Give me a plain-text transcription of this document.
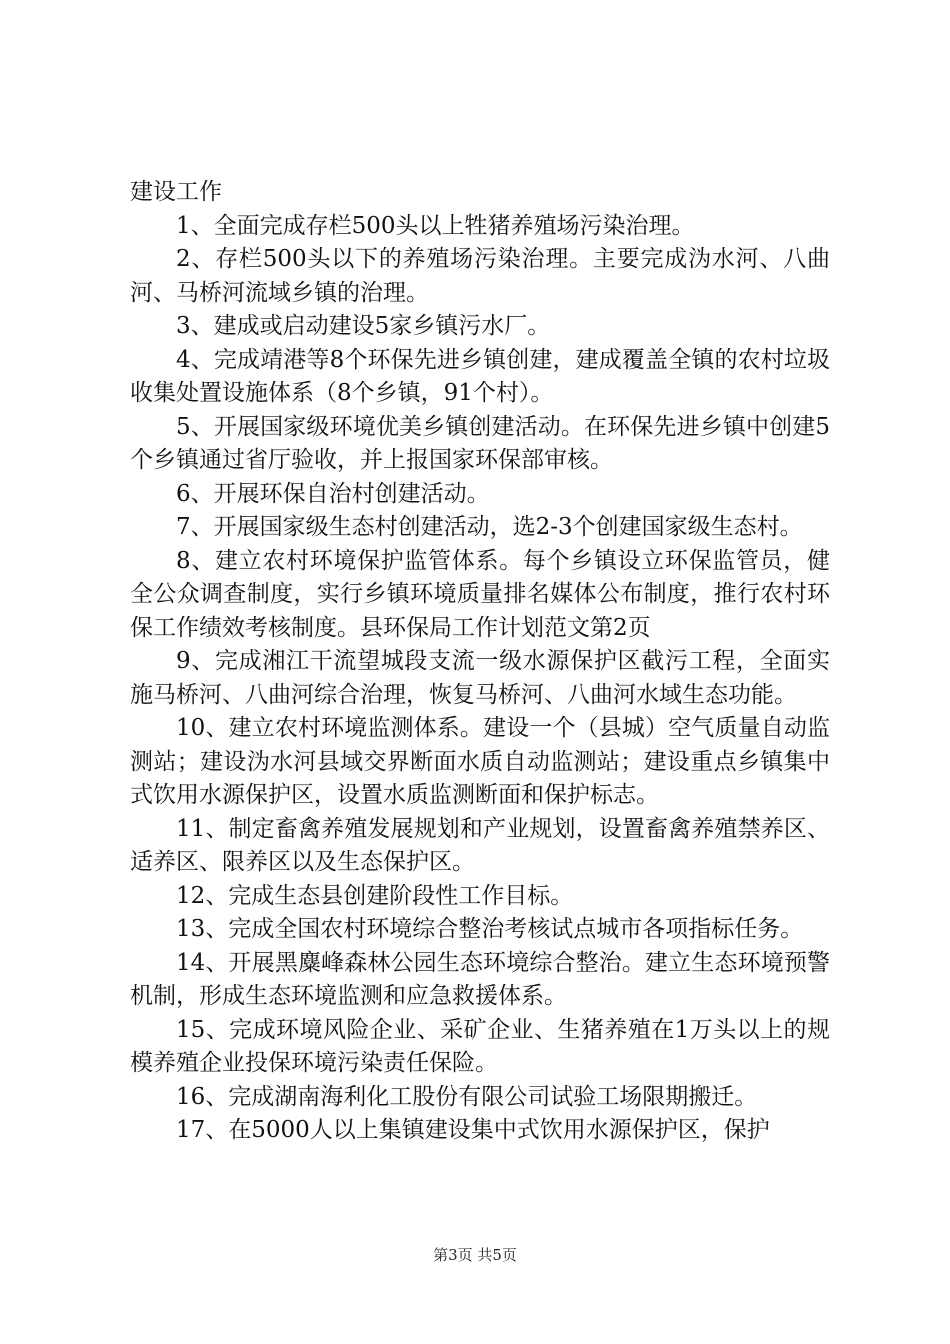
建设工作

1、全面完成存栏500头以上牲猪养殖场污染治理。

2、存栏500头以下的养殖场污染治理。主要完成沩水河、八曲河、马桥河流域乡镇的治理。

3、建成或启动建设5家乡镇污水厂。

4、完成靖港等8个环保先进乡镇创建，建成覆盖全镇的农村垃圾收集处置设施体系（8个乡镇，91个村）。

5、开展国家级环境优美乡镇创建活动。在环保先进乡镇中创建5个乡镇通过省厅验收，并上报国家环保部审核。

6、开展环保自治村创建活动。

7、开展国家级生态村创建活动，选2-3个创建国家级生态村。

8、建立农村环境保护监管体系。每个乡镇设立环保监管员，健全公众调查制度，实行乡镇环境质量排名媒体公布制度，推行农村环保工作绩效考核制度。县环保局工作计划范文第2页

9、完成湘江干流望城段支流一级水源保护区截污工程，全面实施马桥河、八曲河综合治理，恢复马桥河、八曲河水域生态功能。

10、建立农村环境监测体系。建设一个（县城）空气质量自动监测站；建设沩水河县域交界断面水质自动监测站；建设重点乡镇集中式饮用水源保护区，设置水质监测断面和保护标志。

11、制定畜禽养殖发展规划和产业规划，设置畜禽养殖禁养区、适养区、限养区以及生态保护区。

12、完成生态县创建阶段性工作目标。

13、完成全国农村环境综合整治考核试点城市各项指标任务。

14、开展黑麋峰森林公园生态环境综合整治。建立生态环境预警机制，形成生态环境监测和应急救援体系。

15、完成环境风险企业、采矿企业、生猪养殖在1万头以上的规模养殖企业投保环境污染责任保险。

16、完成湖南海利化工股份有限公司试验工场限期搬迁。

17、在5000人以上集镇建设集中式饮用水源保护区，保护

第3页 共5页
